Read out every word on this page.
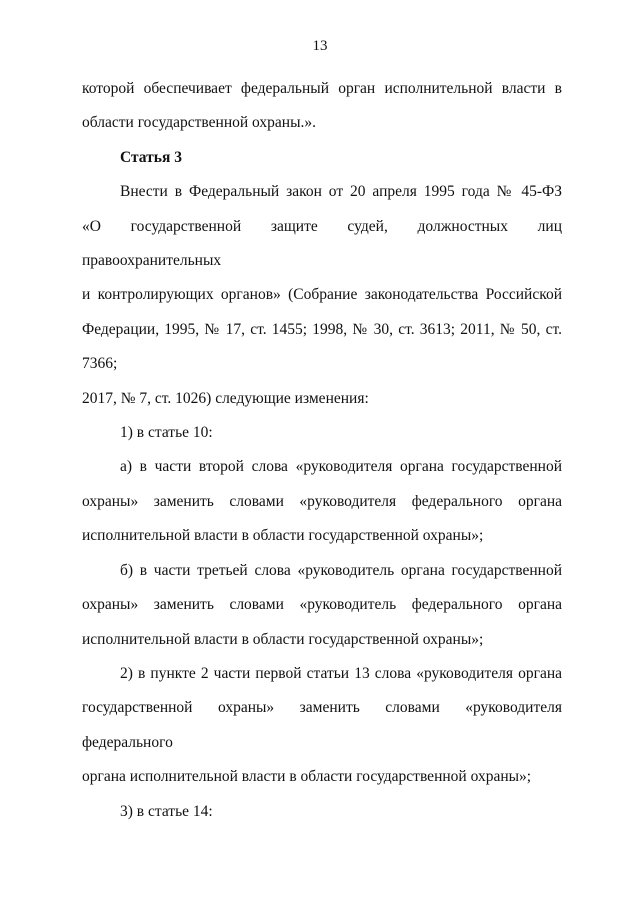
13
которой обеспечивает федеральный орган исполнительной власти в
области государственной охраны.».
Статья 3
Внести в Федеральный закон от 20 апреля 1995 года № 45-ФЗ
«О государственной защите судей, должностных лиц правоохранительных
и контролирующих органов» (Собрание законодательства Российской
Федерации, 1995, № 17, ст. 1455; 1998, № 30, ст. 3613; 2011, № 50, ст. 7366;
2017, № 7, ст. 1026) следующие изменения:
1) в статье 10:
а) в части второй слова «руководителя органа государственной
охраны» заменить словами «руководителя федерального органа
исполнительной власти в области государственной охраны»;
б) в части третьей слова «руководитель органа государственной
охраны» заменить словами «руководитель федерального органа
исполнительной власти в области государственной охраны»;
2) в пункте 2 части первой статьи 13 слова «руководителя органа
государственной охраны» заменить словами «руководителя федерального
органа исполнительной власти в области государственной охраны»;
3) в статье 14:
